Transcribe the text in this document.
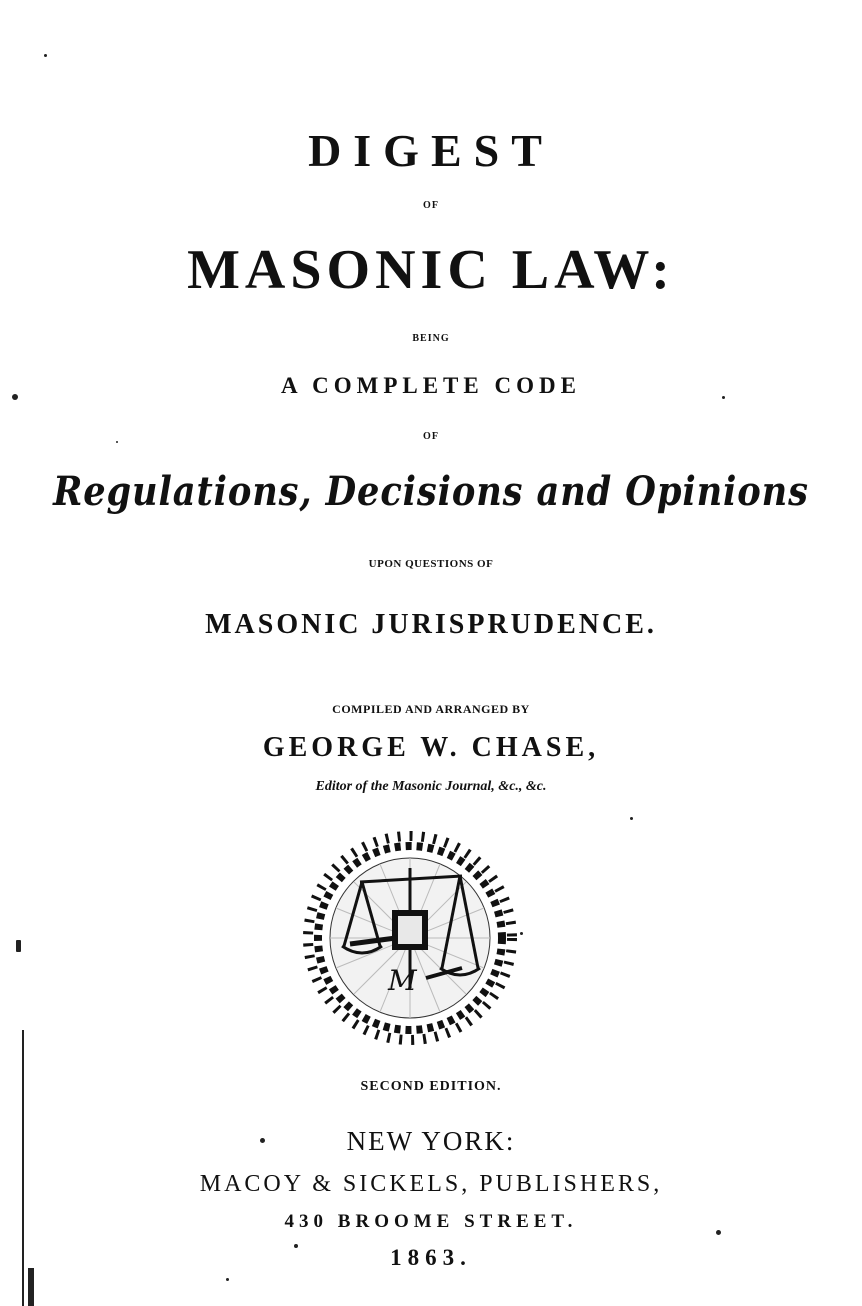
DIGEST
OF
MASONIC LAW:
BEING
A COMPLETE CODE
OF
Regulations, Decisions and Opinions
UPON QUESTIONS OF
MASONIC JURISPRUDENCE.
COMPILED AND ARRANGED BY
GEORGE W. CHASE,
Editor of the Masonic Journal, &c., &c.
M
SECOND EDITION.
NEW YORK:
MACOY & SICKELS, PUBLISHERS,
430 BROOME STREET.
1863.
